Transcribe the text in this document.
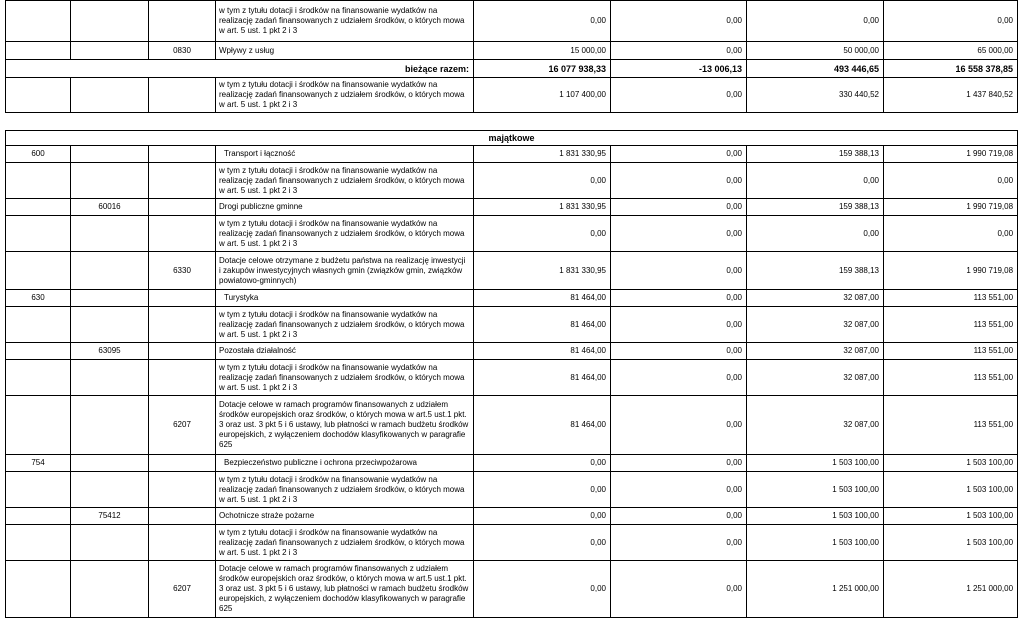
			w tym z tytułu dotacji i środków na finansowanie wydatków na realizację zadań finansowanych z udziałem środków, o których mowa w art. 5 ust. 1 pkt 2 i 3	0,00	0,00	0,00	0,00
		0830	Wpływy z usług	15 000,00	0,00	50 000,00	65 000,00
bieżące razem:				16 077 938,33	-13 006,13	493 446,65	16 558 378,85
			w tym z tytułu dotacji i środków na finansowanie wydatków na realizację zadań finansowanych z udziałem środków, o których mowa w art. 5 ust. 1 pkt 2 i 3	1 107 400,00	0,00	330 440,52	1 437 840,52
majątkowe							
600			Transport i łączność	1 831 330,95	0,00	159 388,13	1 990 719,08
			w tym z tytułu dotacji i środków na finansowanie wydatków na realizację zadań finansowanych z udziałem środków, o których mowa w art. 5 ust. 1 pkt 2 i 3	0,00	0,00	0,00	0,00
	60016		Drogi publiczne gminne	1 831 330,95	0,00	159 388,13	1 990 719,08
			w tym z tytułu dotacji i środków na finansowanie wydatków na realizację zadań finansowanych z udziałem środków, o których mowa w art. 5 ust. 1 pkt 2 i 3	0,00	0,00	0,00	0,00
		6330	Dotacje celowe otrzymane z budżetu państwa na realizację inwestycji i zakupów inwestycyjnych własnych gmin (związków gmin, związków powiatowo-gminnych)	1 831 330,95	0,00	159 388,13	1 990 719,08
630			Turystyka	81 464,00	0,00	32 087,00	113 551,00
			w tym z tytułu dotacji i środków na finansowanie wydatków na realizację zadań finansowanych z udziałem środków, o których mowa w art. 5 ust. 1 pkt 2 i 3	81 464,00	0,00	32 087,00	113 551,00
	63095		Pozostała działalność	81 464,00	0,00	32 087,00	113 551,00
			w tym z tytułu dotacji i środków na finansowanie wydatków na realizację zadań finansowanych z udziałem środków, o których mowa w art. 5 ust. 1 pkt 2 i 3	81 464,00	0,00	32 087,00	113 551,00
		6207	Dotacje celowe w ramach programów finansowanych z udziałem środków europejskich oraz środków, o których mowa w art.5 ust.1 pkt. 3 oraz ust. 3 pkt 5 i 6 ustawy, lub płatności w ramach budżetu środków europejskich, z wyłączeniem dochodów klasyfikowanych w paragrafie 625	81 464,00	0,00	32 087,00	113 551,00
754			Bezpieczeństwo publiczne i ochrona przeciwpożarowa	0,00	0,00	1 503 100,00	1 503 100,00
			w tym z tytułu dotacji i środków na finansowanie wydatków na realizację zadań finansowanych z udziałem środków, o których mowa w art. 5 ust. 1 pkt 2 i 3	0,00	0,00	1 503 100,00	1 503 100,00
	75412		Ochotnicze straże pożarne	0,00	0,00	1 503 100,00	1 503 100,00
			w tym z tytułu dotacji i środków na finansowanie wydatków na realizację zadań finansowanych z udziałem środków, o których mowa w art. 5 ust. 1 pkt 2 i 3	0,00	0,00	1 503 100,00	1 503 100,00
		6207	Dotacje celowe w ramach programów finansowanych z udziałem środków europejskich oraz środków, o których mowa w art.5 ust.1 pkt. 3 oraz ust. 3 pkt 5 i 6 ustawy, lub płatności w ramach budżetu środków europejskich, z wyłączeniem dochodów klasyfikowanych w paragrafie 625	0,00	0,00	1 251 000,00	1 251 000,00
